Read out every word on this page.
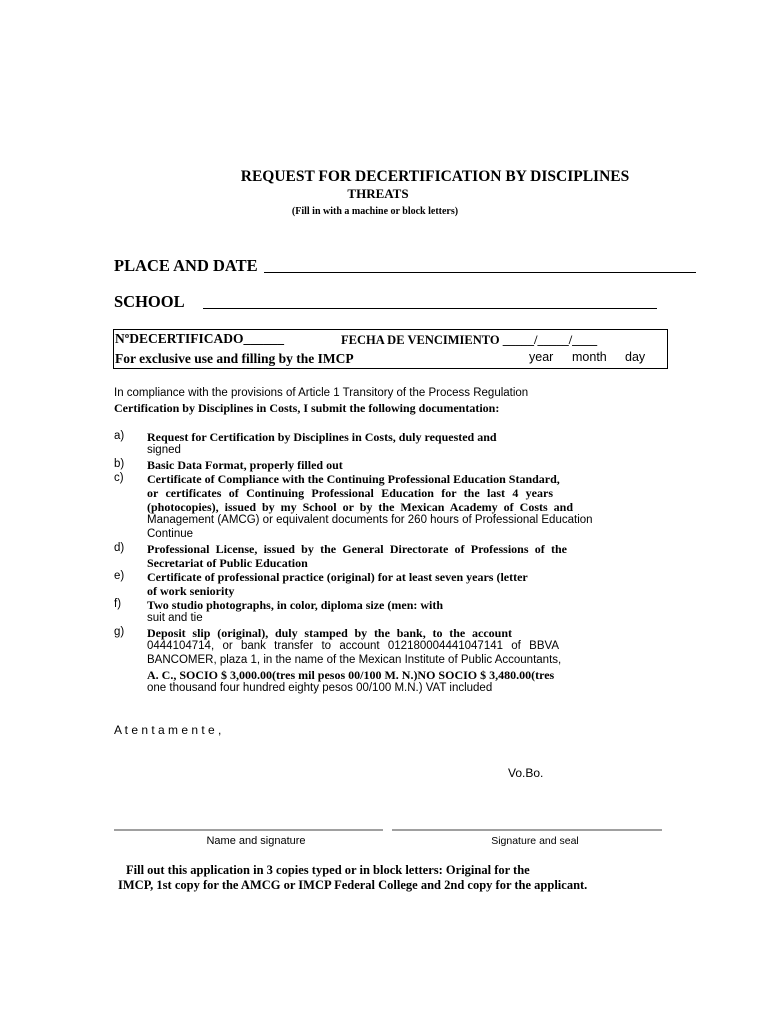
REQUEST FOR DECERTIFICATION BY DISCIPLINES
THREATS
(Fill in with a machine or block letters)
PLACE AND DATE
SCHOOL
NºDECERTIFICADO______	FECHA DE VENCIMIENTO _____/_____/____
For exclusive use and filling by the IMCP	year month day
In compliance with the provisions of Article 1 Transitory of the Process Regulation
Certification by Disciplines in Costs, I submit the following documentation:
a) Request for Certification by Disciplines in Costs, duly requested and
signed
b) Basic Data Format, properly filled out
c) Certificate of Compliance with the Continuing Professional Education Standard,
or certificates of Continuing Professional Education for the last 4 years
(photocopies), issued by my School or by the Mexican Academy of Costs and
Management (AMCG) or equivalent documents for 260 hours of Professional Education
Continue
d) Professional License, issued by the General Directorate of Professions of the
Secretariat of Public Education
e) Certificate of professional practice (original) for at least seven years (letter
of work seniority
f) Two studio photographs, in color, diploma size (men: with
suit and tie
g) Deposit slip (original), duly stamped by the bank, to the account
0444104714, or bank transfer to account 012180004441047141 of BBVA
BANCOMER, plaza 1, in the name of the Mexican Institute of Public Accountants,
A. C., SOCIO $ 3,000.00(tres mil pesos 00/100 M. N.)NO SOCIO $ 3,480.00(tres
one thousand four hundred eighty pesos 00/100 M.N.) VAT included
A t e n t a m e n t e ,
Vo.Bo.
Name and signature	Signature and seal
Fill out this application in 3 copies typed or in block letters: Original for the
IMCP, 1st copy for the AMCG or IMCP Federal College and 2nd copy for the applicant.
